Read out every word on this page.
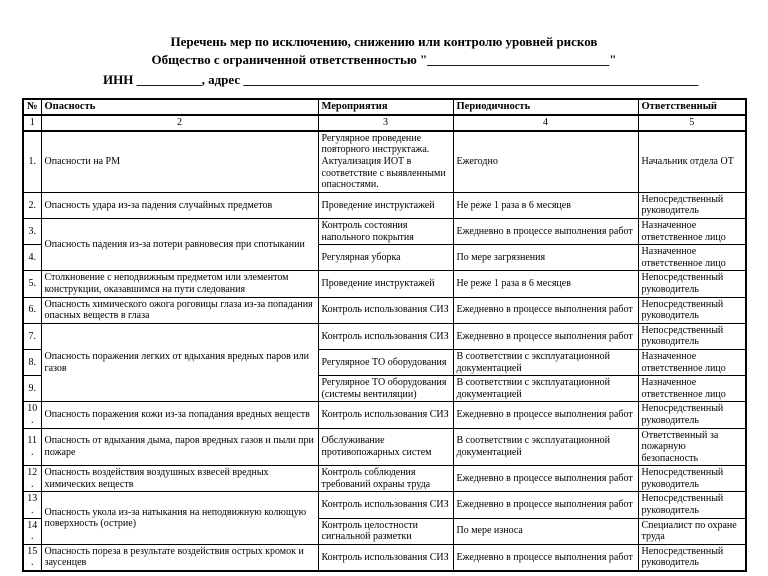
Перечень мер по исключению, снижению или контролю уровней рисков
Общество с ограниченной ответственностью "____________________________"
ИНН __________, адрес ______________________________________________________________________
№	Опасность	Мероприятия	Периодичность	Ответственный
1	2	3	4	5
1.	Опасности на РМ	Регулярное проведение повторного инструктажа. Актуализация ИОТ в соответствие с выявленными опасностями.	Ежегодно	Начальник отдела ОТ
2.	Опасность удара из-за падения случайных предметов	Проведение инструктажей	Не реже 1 раза в 6 месяцев	Непосредственный руководитель
3.	Опасность падения из-за потери равновесия при спотыкании	Контроль состояния напольного покрытия	Ежедневно в процессе выполнения работ	Назначенное ответственное лицо
4.		Регулярная уборка	По мере загрязнения	Назначенное ответственное лицо
5.	Столкновение с неподвижным предметом или элементом конструкции, оказавшимся на пути следования	Проведение инструктажей	Не реже 1 раза в 6 месяцев	Непосредственный руководитель
6.	Опасность химического ожога роговицы глаза из-за попадания опасных веществ в глаза	Контроль использования СИЗ	Ежедневно в процессе выполнения работ	Непосредственный руководитель
7.	Опасность поражения легких от вдыхания вредных паров или газов	Контроль использования СИЗ	Ежедневно в процессе выполнения работ	Непосредственный руководитель
8.		Регулярное ТО оборудования	В соответствии с эксплуатационной документацией	Назначенное ответственное лицо
9.		Регулярное ТО оборудования (системы вентиляции)	В соответствии с эксплуатационной документацией	Назначенное ответственное лицо
10.	Опасность поражения кожи из-за попадания вредных веществ	Контроль использования СИЗ	Ежедневно в процессе выполнения работ	Непосредственный руководитель
11.	Опасность от вдыхания дыма, паров вредных газов и пыли при пожаре	Обслуживание противопожарных систем	В соответствии с эксплуатационной документацией	Ответственный за пожарную безопасность
12.	Опасность воздействия воздушных взвесей вредных химических веществ	Контроль соблюдения требований охраны труда	Ежедневно в процессе выполнения работ	Непосредственный руководитель
13.	Опасность укола из-за натыкания на неподвижную колющую поверхность (острие)	Контроль использования СИЗ	Ежедневно в процессе выполнения работ	Непосредственный руководитель
14.		Контроль целостности сигнальной разметки	По мере износа	Специалист по охране труда
15.	Опасность пореза в результате воздействия острых кромок и заусенцев	Контроль использования СИЗ	Ежедневно в процессе выполнения работ	Непосредственный руководитель
